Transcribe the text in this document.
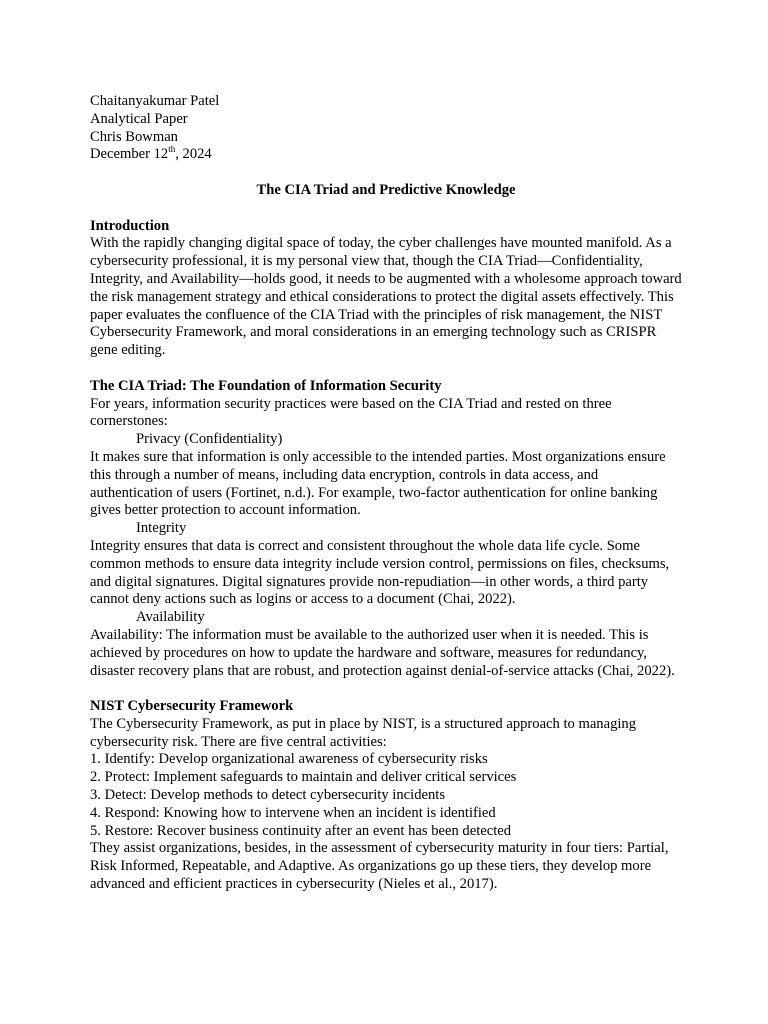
Chaitanyakumar Patel

Analytical Paper

Chris Bowman

December 12th, 2024

The CIA Triad and Predictive Knowledge

Introduction

With the rapidly changing digital space of today, the cyber challenges have mounted manifold. As a cybersecurity professional, it is my personal view that, though the CIA Triad—Confidentiality, Integrity, and Availability—holds good, it needs to be augmented with a wholesome approach toward the risk management strategy and ethical considerations to protect the digital assets effectively. This paper evaluates the confluence of the CIA Triad with the principles of risk management, the NIST Cybersecurity Framework, and moral considerations in an emerging technology such as CRISPR gene editing.

The CIA Triad: The Foundation of Information Security

For years, information security practices were based on the CIA Triad and rested on three cornerstones:

Privacy (Confidentiality)

It makes sure that information is only accessible to the intended parties. Most organizations ensure this through a number of means, including data encryption, controls in data access, and authentication of users (Fortinet, n.d.). For example, two-factor authentication for online banking gives better protection to account information.

Integrity

Integrity ensures that data is correct and consistent throughout the whole data life cycle. Some common methods to ensure data integrity include version control, permissions on files, checksums, and digital signatures. Digital signatures provide non-repudiation—in other words, a third party cannot deny actions such as logins or access to a document (Chai, 2022).

Availability

Availability: The information must be available to the authorized user when it is needed. This is achieved by procedures on how to update the hardware and software, measures for redundancy, disaster recovery plans that are robust, and protection against denial-of-service attacks (Chai, 2022).

NIST Cybersecurity Framework

The Cybersecurity Framework, as put in place by NIST, is a structured approach to managing cybersecurity risk. There are five central activities:

1. Identify: Develop organizational awareness of cybersecurity risks

2. Protect: Implement safeguards to maintain and deliver critical services

3. Detect: Develop methods to detect cybersecurity incidents

4. Respond: Knowing how to intervene when an incident is identified

5. Restore: Recover business continuity after an event has been detected

They assist organizations, besides, in the assessment of cybersecurity maturity in four tiers: Partial, Risk Informed, Repeatable, and Adaptive. As organizations go up these tiers, they develop more advanced and efficient practices in cybersecurity (Nieles et al., 2017).
